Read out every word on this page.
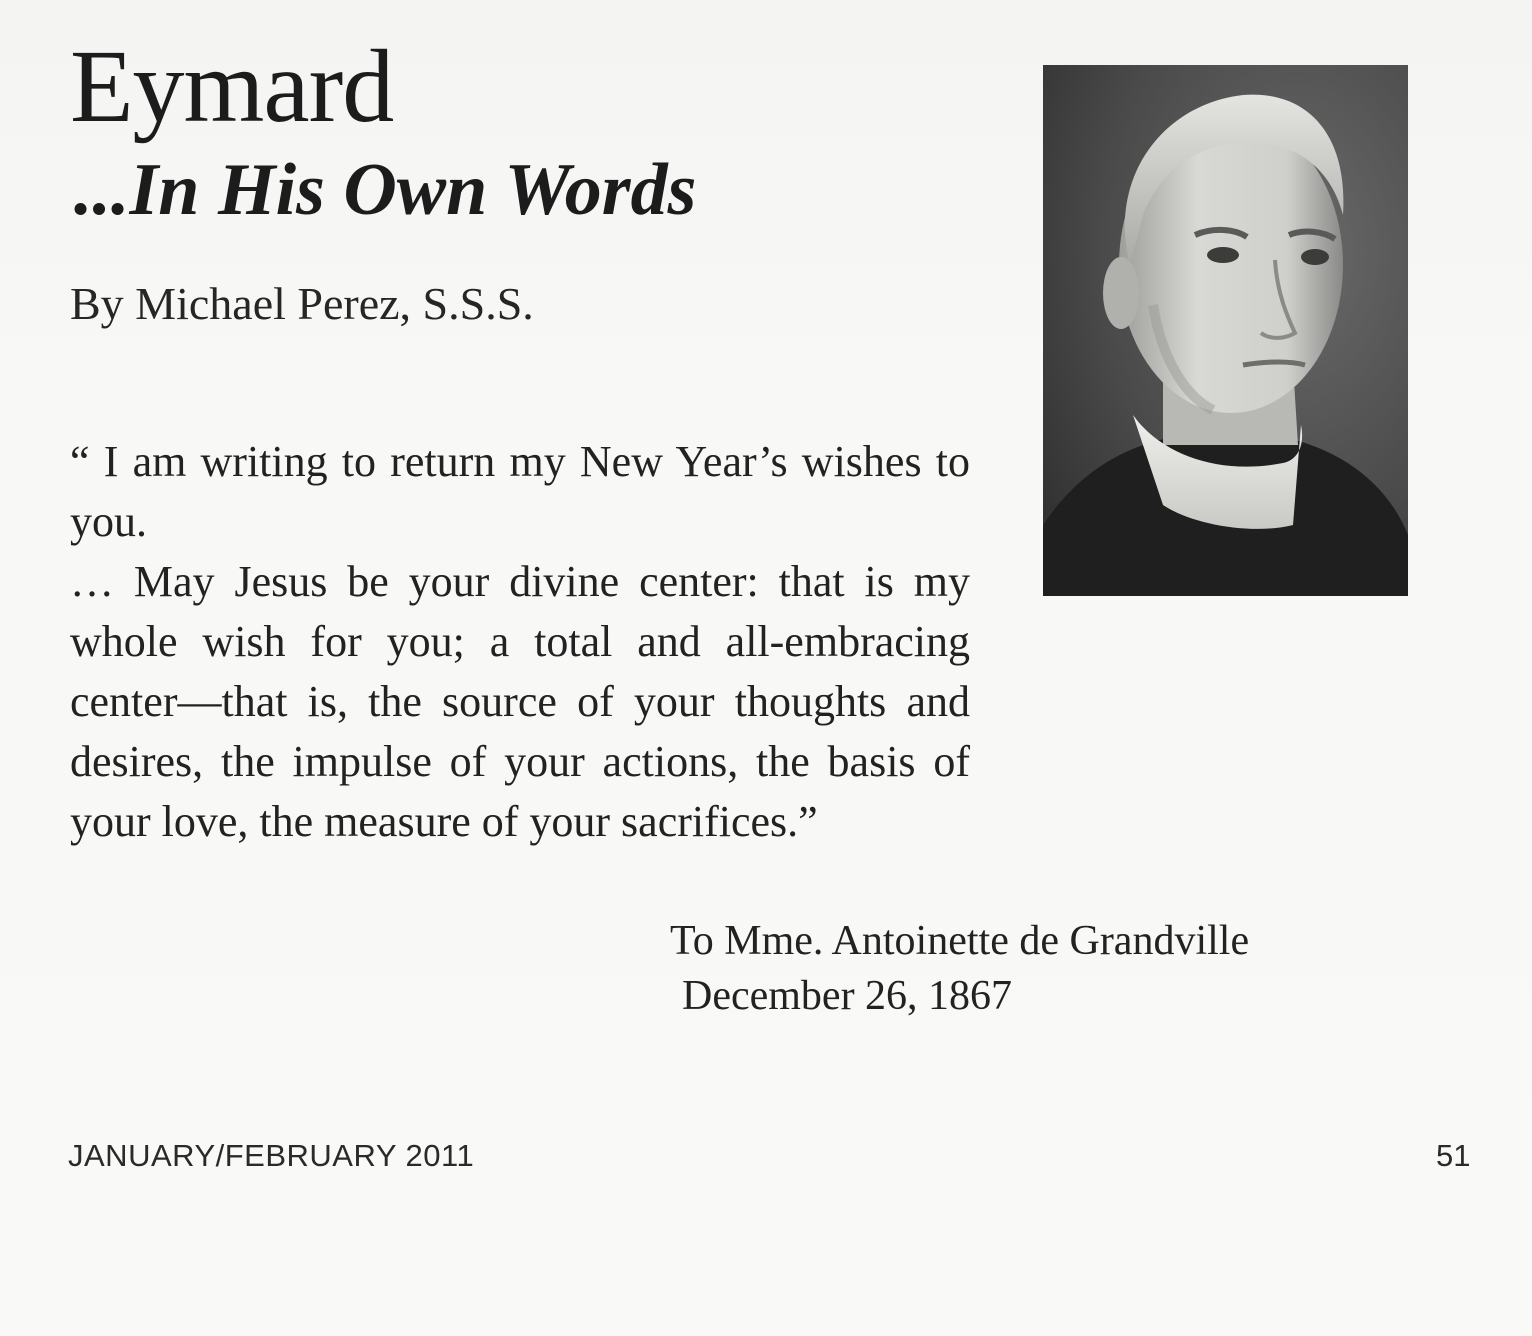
Eymard
...In His Own Words
By Michael Perez, S.S.S.

“ I am writing to return my New Year’s wishes to you.

… May Jesus be your divine center: that is my whole wish for you; a total and all-embracing center—that is, the source of your thoughts and desires, the impulse of your actions, the basis of your love, the measure of your sacrifices.”

To Mme. Antoinette de Grandville
December 26, 1867
JANUARY/FEBRUARY 2011	51
